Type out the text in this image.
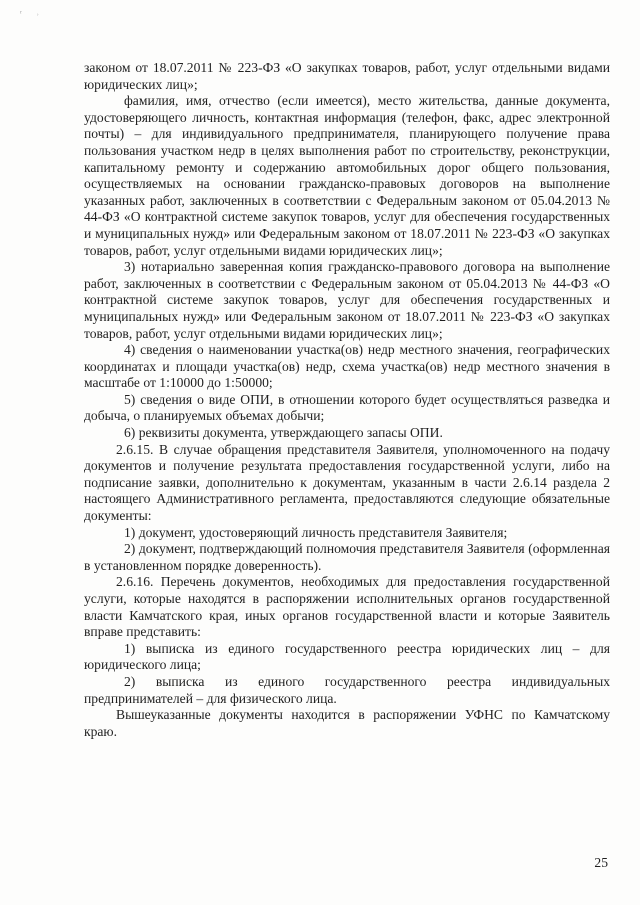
ʳ ˒

законом от 18.07.2011 № 223-ФЗ «О закупках товаров, работ, услуг отдельными видами юридических лиц»;

фамилия, имя, отчество (если имеется), место жительства, данные документа, удостоверяющего личность, контактная информация (телефон, факс, адрес электронной почты) – для индивидуального предпринимателя, планирующего получение права пользования участком недр в целях выполнения работ по строительству, реконструкции, капитальному ремонту и содержанию автомобильных дорог общего пользования, осуществляемых на основании гражданско-правовых договоров на выполнение указанных работ, заключенных в соответствии с Федеральным законом от 05.04.2013 № 44-ФЗ «О контрактной системе закупок товаров, услуг для обеспечения государственных и муниципальных нужд» или Федеральным законом от 18.07.2011 № 223-ФЗ «О закупках товаров, работ, услуг отдельными видами юридических лиц»;

3) нотариально заверенная копия гражданско-правового договора на выполнение работ, заключенных в соответствии с Федеральным законом от 05.04.2013 № 44-ФЗ «О контрактной системе закупок товаров, услуг для обеспечения государственных и муниципальных нужд» или Федеральным законом от 18.07.2011 № 223-ФЗ «О закупках товаров, работ, услуг отдельными видами юридических лиц»;

4) сведения о наименовании участка(ов) недр местного значения, географических координатах и площади участка(ов) недр, схема участка(ов) недр местного значения в масштабе от 1:10000 до 1:50000;

5) сведения о виде ОПИ, в отношении которого будет осуществляться разведка и добыча, о планируемых объемах добычи;

6) реквизиты документа, утверждающего запасы ОПИ.

2.6.15. В случае обращения представителя Заявителя, уполномоченного на подачу документов и получение результата предоставления государственной услуги, либо на подписание заявки, дополнительно к документам, указанным в части 2.6.14 раздела 2 настоящего Административного регламента, предоставляются следующие обязательные документы:

1) документ, удостоверяющий личность представителя Заявителя;

2) документ, подтверждающий полномочия представителя Заявителя (оформленная в установленном порядке доверенность).

2.6.16. Перечень документов, необходимых для предоставления государственной услуги, которые находятся в распоряжении исполнительных органов государственной власти Камчатского края, иных органов государственной власти и которые Заявитель вправе представить:

1) выписка из единого государственного реестра юридических лиц – для юридического лица;

2) выписка из единого государственного реестра индивидуальных предпринимателей – для физического лица.

Вышеуказанные документы находится в распоряжении УФНС по Камчатскому краю.

25
